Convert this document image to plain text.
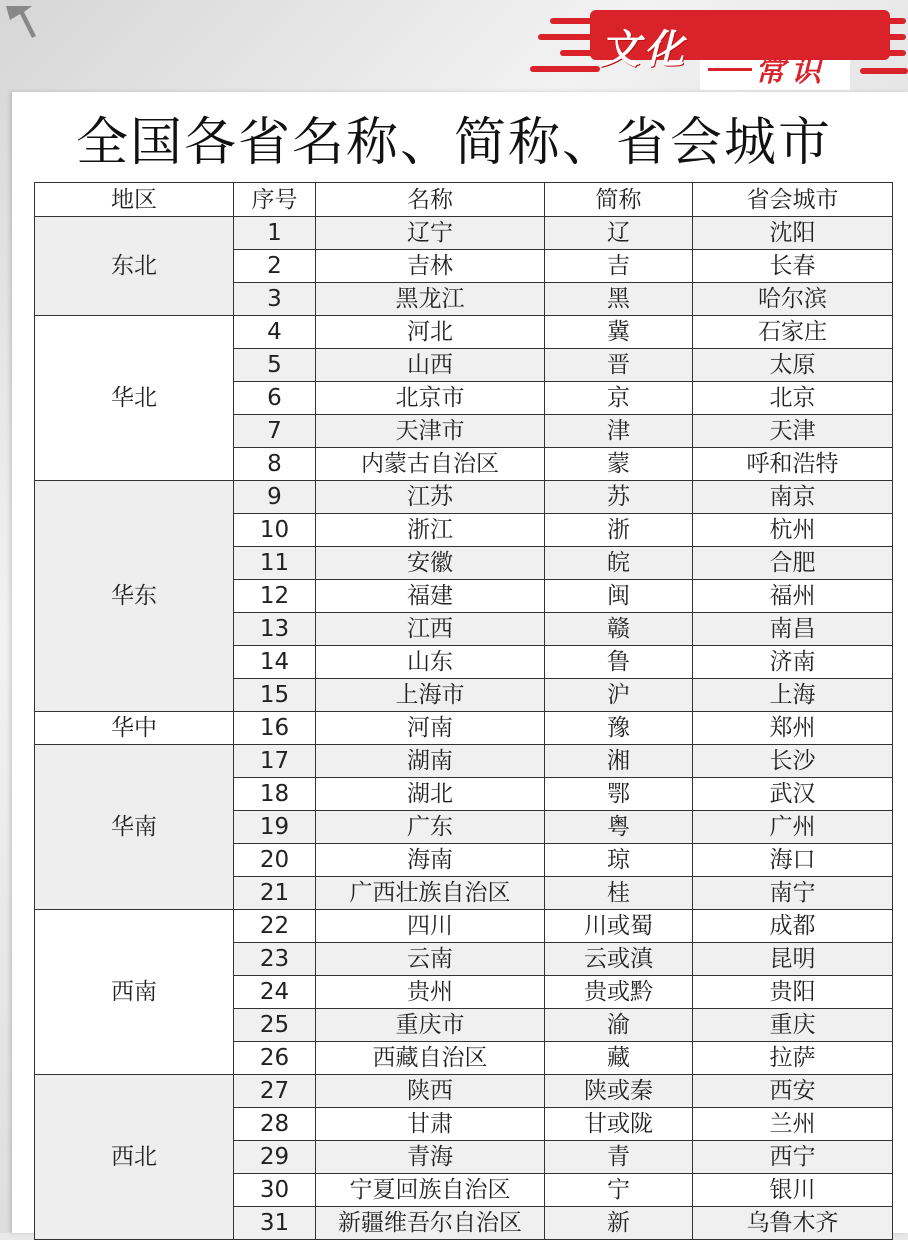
文化 常识
全国各省名称、简称、省会城市
地区	序号	名称	简称	省会城市
东北	1	辽宁	辽	沈阳
	2	吉林	吉	长春
	3	黑龙江	黑	哈尔滨
华北	4	河北	冀	石家庄
	5	山西	晋	太原
	6	北京市	京	北京
	7	天津市	津	天津
	8	内蒙古自治区	蒙	呼和浩特
华东	9	江苏	苏	南京
	10	浙江	浙	杭州
	11	安徽	皖	合肥
	12	福建	闽	福州
	13	江西	赣	南昌
	14	山东	鲁	济南
	15	上海市	沪	上海
华中	16	河南	豫	郑州
华南	17	湖南	湘	长沙
	18	湖北	鄂	武汉
	19	广东	粤	广州
	20	海南	琼	海口
	21	广西壮族自治区	桂	南宁
西南	22	四川	川或蜀	成都
	23	云南	云或滇	昆明
	24	贵州	贵或黔	贵阳
	25	重庆市	渝	重庆
	26	西藏自治区	藏	拉萨
西北	27	陕西	陕或秦	西安
	28	甘肃	甘或陇	兰州
	29	青海	青	西宁
	30	宁夏回族自治区	宁	银川
	31	新疆维吾尔自治区	新	乌鲁木齐
